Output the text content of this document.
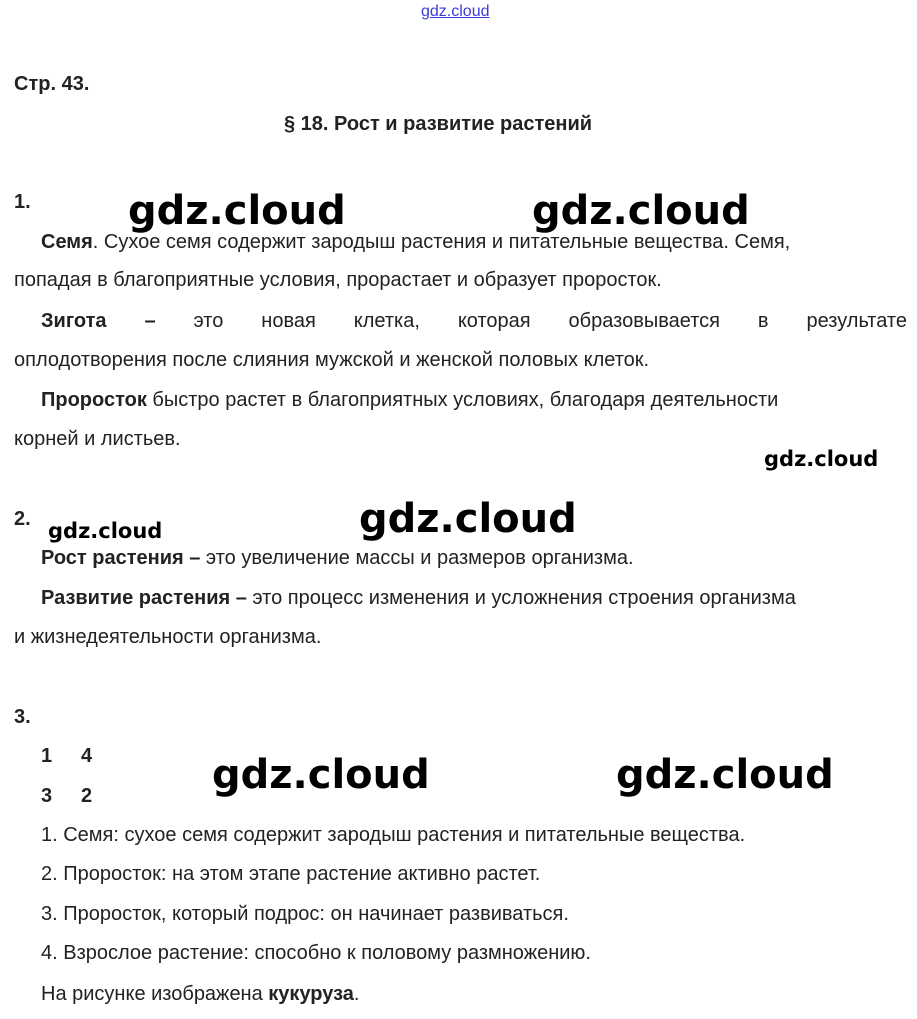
gdz.cloud
Стр. 43.
§ 18. Рост и развитие растений
1.
Семя. Сухое семя содержит зародыш растения и питательные вещества. Семя,
попадая в благоприятные условия, прорастает и образует проросток.
Зигота – это новая клетка, которая образовывается в результате
оплодотворения после слияния мужской и женской половых клеток.
Проросток быстро растет в благоприятных условиях, благодаря деятельности
корней и листьев.
2.
Рост растения – это увеличение массы и размеров организма.
Развитие растения – это процесс изменения и усложнения строения организма
и жизнедеятельности организма.
3.
1 4
3 2
1. Семя: сухое семя содержит зародыш растения и питательные вещества.
2. Проросток: на этом этапе растение активно растет.
3. Проросток, который подрос: он начинает развиваться.
4. Взрослое растение: способно к половому размножению.
На рисунке изображена кукуруза.
gdz.cloud	gdz.cloud
gdz.cloud
gdz.cloud	gdz.cloud
gdz.cloud	gdz.cloud
